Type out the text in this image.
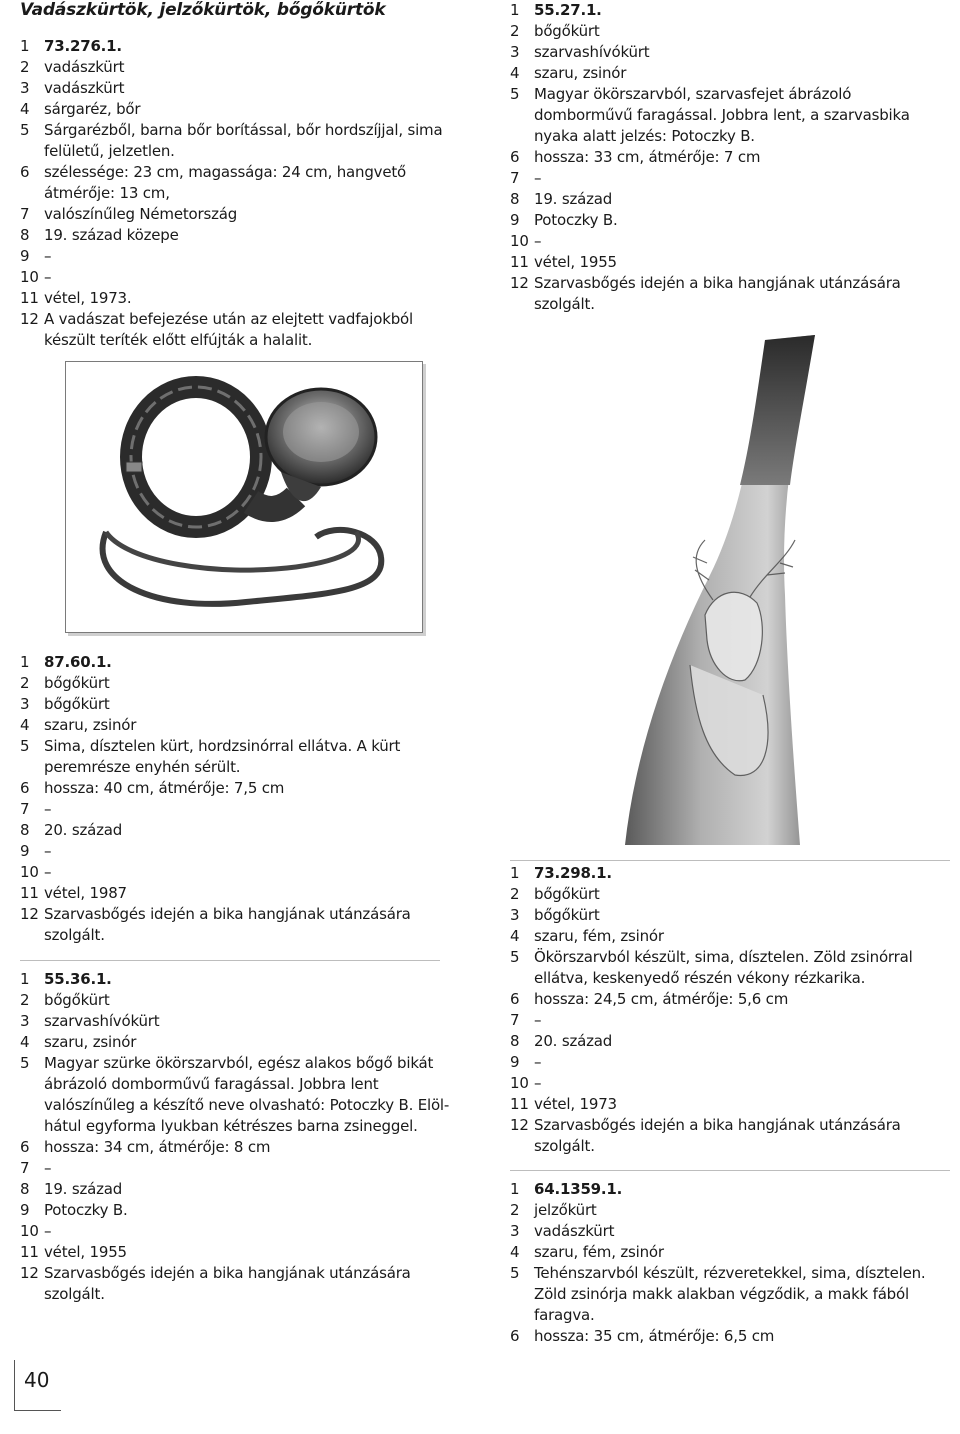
Vadászkürtök, jelzőkürtök, bőgőkürtök
1 73.276.1.
2 vadászkürt
3 vadászkürt
4 sárgaréz, bőr
5 Sárgarézből, barna bőr borítással, bőr hordszíjjal, sima felületű, jelzetlen.
6 szélessége: 23 cm, magassága: 24 cm, hangvető átmérője: 13 cm,
7 valószínűleg Németország
8 19. század közepe
9 –
10 –
11 vétel, 1973.
12 A vadászat befejezése után az elejtett vadfajokból készült teríték előtt elfújták a halalit.
1 55.27.1.
2 bőgőkürt
3 szarvashívókürt
4 szaru, zsinór
5 Magyar ökörszarvból, szarvasfejet ábrázoló domborművű faragással. Jobbra lent, a szarvasbika nyaka alatt jelzés: Potoczky B.
6 hossza: 33 cm, átmérője: 7 cm
7 –
8 19. század
9 Potoczky B.
10 –
11 vétel, 1955
12 Szarvasbőgés idején a bika hangjának utánzására szolgált.
1 87.60.1.
2 bőgőkürt
3 bőgőkürt
4 szaru, zsinór
5 Sima, dísztelen kürt, hordzsinórral ellátva. A kürt peremrésze enyhén sérült.
6 hossza: 40 cm, átmérője: 7,5 cm
7 –
8 20. század
9 –
10 –
11 vétel, 1987
12 Szarvasbőgés idején a bika hangjának utánzására szolgált.
1 55.36.1.
2 bőgőkürt
3 szarvashívókürt
4 szaru, zsinór
5 Magyar szürke ökörszarvból, egész alakos bőgő bikát ábrázoló domborművű faragással. Jobbra lent valószínűleg a készítő neve olvasható: Potoczky B. Elöl-hátul egyforma lyukban kétrészes barna zsineggel.
6 hossza: 34 cm, átmérője: 8 cm
7 –
8 19. század
9 Potoczky B.
10 –
11 vétel, 1955
12 Szarvasbőgés idején a bika hangjának utánzására szolgált.
1 73.298.1.
2 bőgőkürt
3 bőgőkürt
4 szaru, fém, zsinór
5 Ökörszarvból készült, sima, dísztelen. Zöld zsinórral ellátva, keskenyedő részén vékony rézkarika.
6 hossza: 24,5 cm, átmérője: 5,6 cm
7 –
8 20. század
9 –
10 –
11 vétel, 1973
12 Szarvasbőgés idején a bika hangjának utánzására szolgált.
1 64.1359.1.
2 jelzőkürt
3 vadászkürt
4 szaru, fém, zsinór
5 Tehénszarvból készült, rézveretekkel, sima, dísztelen. Zöld zsinórja makk alakban végződik, a makk fából faragva.
6 hossza: 35 cm, átmérője: 6,5 cm
40
